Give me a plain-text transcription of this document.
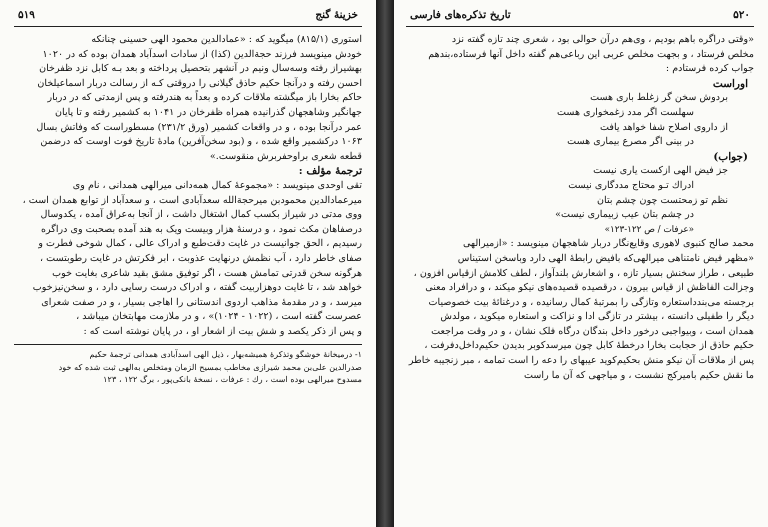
خزينهٔ گنج
۵۱۹

استوری (۸۱۵/۱) میگوید که : «عمادالدین محمود الهی حسینی چنانکه

خودش مینویسد فرزند حجةالدین (کذا) از سادات اسدآباد همدان بوده که در ۱۰۲۰

بهشیراز رفته وسه‌سال ونیم در آنشهر بتحصیل پرداخته و بعد بـه کابل نزد ظفرخان

احسن رفته و درآنجا حکیم حاذق گیلانی را دروقتی کـه از رسالت دربار اسماعیلخان

حاکم بخارا باز میگشته ملاقات کرده و بعداً به هندرفته و پس ازمدتی که در دربار

جهانگیر وشاهجهان گذرانیده همراه ظفرخان در ۱۰۴۱ به کشمیر رفته و تا پایان

عمر درآنجا بوده ، و در واقعات کشمیر (ورق ۲۳۱/۲) مسطوراست که وفاتش بسال

۱۰۶۳ درکشمیر واقع شده ، و (بود سخن‌آفرین) مادهٔ تاریخ فوت اوست که درضمن

قطعه شعری براوحفربرش منقوست.»

ترجمهٔ مؤلف :

تقی اوحدی مینویسد : «مجموعهٔ کمال همه‌دانی میرالهی همدانی ، نام وی

میرعمادالدین محمودبن میرحجةالله سعدآبادی است ، و سعدآباد از توابع همدان است ،

ووی مدتی در شیراز بکسب کمال اشتغال داشت ، از آنجا به‌عراق آمده ، یکدوسال

درصفاهان مکث نمود ، و درسنهٔ هزار وبیست ویک به هند آمده بصحبت وی دراگره

رسیدیم ، الحق جوانیست در غایت دقت‌طبع و ادراک عالی ، کمال شوخی فطرت و

صفای خاطر دارد ، آب نظمش درنهایت عذوبت ، ابر فکرتش در غایت رطوبتست ،

هرگونه سخن قدرتی تمامش هست ، اگر توفیق مشق بقید شاعری بغایت خوب

خواهد شد ، تا غایت دوهزاربیت گفته ، و ادراک درست رسایی دارد ، و سخن‌نیزخوب

میرسد ، و در مقدمهٔ مذاهب اردوی اندستانی را اهاجی بسیار ، و در صفت شعرای

عصرست گفته است ، (۱۰۲۲ - ۱۰۲۴)» ، و در ملازمت مهابتخان میباشد ،

و پس از ذکر یکصد و شش بیت از اشعار او ، در پایان نوشته است که :

۱- درمیخانهٔ خوشگو وتذکرهٔ همیشه‌بهار ، ذیل الهی اسدآبادی همدانی ترجمهٔ حکیم

صدرالدین علی‌بن محمد شیرازی مخاطب بمسیح الزمان ومتخلص به‌الهی ثبت شده که خود

مسدوح میرالهی بوده است ، رك : عرفات ، نسخهٔ بانکی‌پور ، برگ ۱۲۲ ، ۱۲۳

۵۲۰
تاریخ تذکره‌های فارسی

«وقتی دراگره باهم بودیم ، وی‌هم درآن حوالی بود ، شعری چند تازه گفته نزد

مخلص فرستاد ، و بجهت مخلص عربی این رباعی‌هم گفته داخل آنها فرستاده‌،بندهم

جواب کرده فرستادم :

اوراست

بردوش سخن گر زغلط باری هست

سهلست اگر مدد زغمخواری هست

از داروی اصلاح شفا خواهد یافت

در بینی اگر مصرع بیماری هست

(جواب)

جز فیض الهی ازکست یاری نیست

ادراك تـو محتاج مددگاری نیست

نظم تو زمحتست چون چشم بتان

در چشم بتان عیب زبیماری نیست»

«عرفات / ص ۱۲۲-۱۲۳»

محمد صالح کنبوی لاهوری وقایع‌نگار دربار شاهجهان مینویسد : «ازمیرالهی

«مظهر فیض نامتناهی میرالهی‌که بافیض رابطهٔ الهی دارد وباسخن استیناس

طبیعی ، طراز سخنش بسیار تازه ، و اشعارش بلندآواز ، لطف کلامش ازقیاس افزون ،

وجزالت الفاظش از قیاس بیرون ، درقصیده قصیده‌های نیکو میکند ، و درافراد معنی

برجسته می‌بندداستعاره وتازگی را بمرتبهٔ کمال رسانیده ، و درغنائهٔ بیت خصوصیات

دیگر را طفیلی دانسته ، بیشتر در تازگی ادا و نزاکت و استعاره میکوید ، مولدش

همدان است ، وبیواجبی درخور داخل بندگان درگاه فلک نشان ، و در وقت مراجعت

حکیم حاذق از حجابت بخارا درخطهٔ کابل چون میرسدکوبر بدیدن حکیم‌داخل‌دفرفت ،

پس از ملاقات آن نیکو منش بحکیم‌کوید عیبهای را دعه را است تمامه ، مبر زنجیبه خاطر

ما نقش حکیم بامیرکج نشست ، و میاجهی که آن ما راست
